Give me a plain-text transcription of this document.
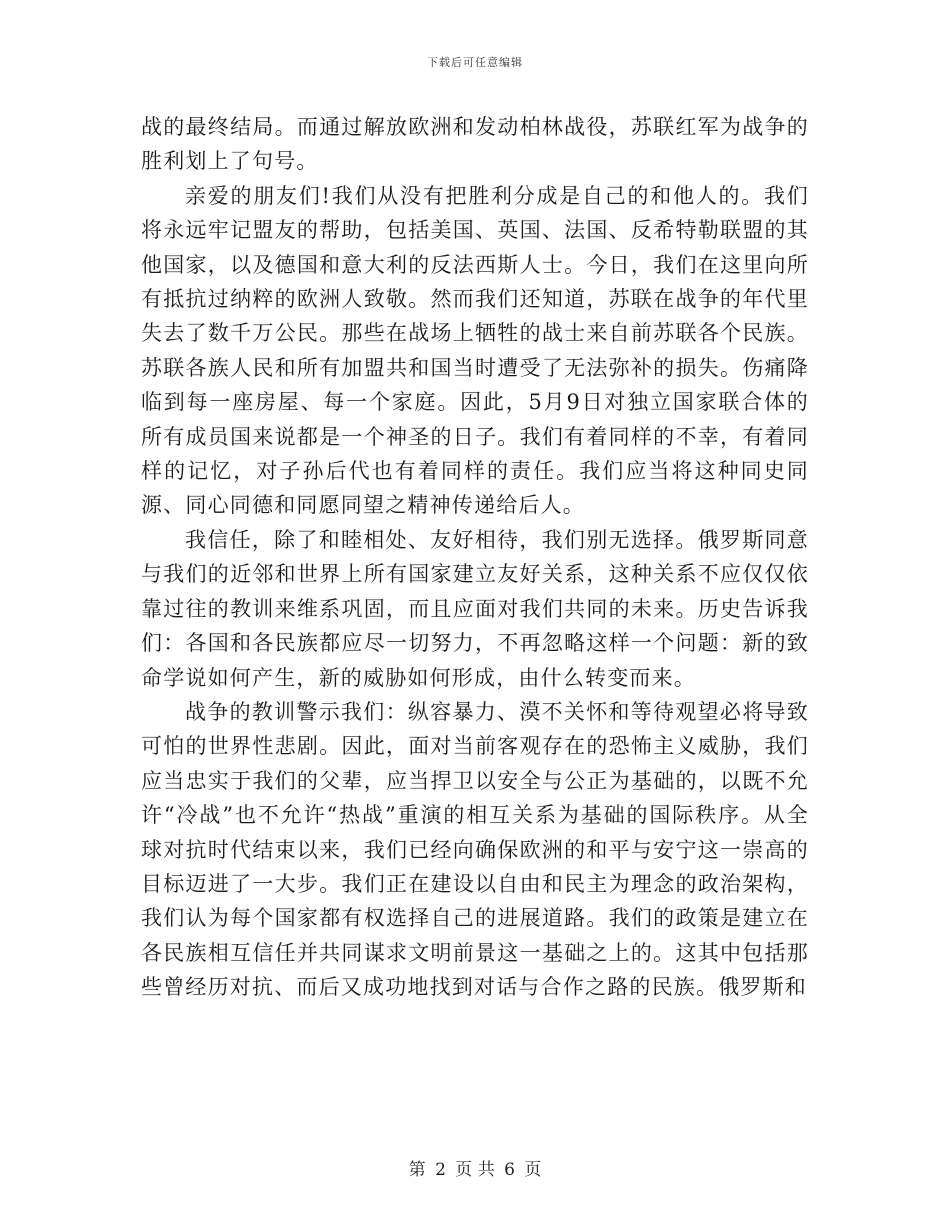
下载后可任意编辑

战的最终结局。而通过解放欧洲和发动柏林战役，苏联红军为战争的胜利划上了句号。

亲爱的朋友们!我们从没有把胜利分成是自己的和他人的。我们将永远牢记盟友的帮助，包括美国、英国、法国、反希特勒联盟的其他国家，以及德国和意大利的反法西斯人士。今日，我们在这里向所有抵抗过纳粹的欧洲人致敬。然而我们还知道，苏联在战争的年代里失去了数千万公民。那些在战场上牺牲的战士来自前苏联各个民族。苏联各族人民和所有加盟共和国当时遭受了无法弥补的损失。伤痛降临到每一座房屋、每一个家庭。因此，5月9日对独立国家联合体的所有成员国来说都是一个神圣的日子。我们有着同样的不幸，有着同样的记忆，对子孙后代也有着同样的责任。我们应当将这种同史同源、同心同德和同愿同望之精神传递给后人。

我信任，除了和睦相处、友好相待，我们别无选择。俄罗斯同意与我们的近邻和世界上所有国家建立友好关系，这种关系不应仅仅依靠过往的教训来维系巩固，而且应面对我们共同的未来。历史告诉我们：各国和各民族都应尽一切努力，不再忽略这样一个问题：新的致命学说如何产生，新的威胁如何形成，由什么转变而来。

战争的教训警示我们：纵容暴力、漠不关怀和等待观望必将导致可怕的世界性悲剧。因此，面对当前客观存在的恐怖主义威胁，我们应当忠实于我们的父辈，应当捍卫以安全与公正为基础的，以既不允许“冷战”也不允许“热战”重演的相互关系为基础的国际秩序。从全球对抗时代结束以来，我们已经向确保欧洲的和平与安宁这一崇高的目标迈进了一大步。我们正在建设以自由和民主为理念的政治架构，我们认为每个国家都有权选择自己的进展道路。我们的政策是建立在各民族相互信任并共同谋求文明前景这一基础之上的。这其中包括那些曾经历对抗、而后又成功地找到对话与合作之路的民族。俄罗斯和

第 2 页 共 6 页
